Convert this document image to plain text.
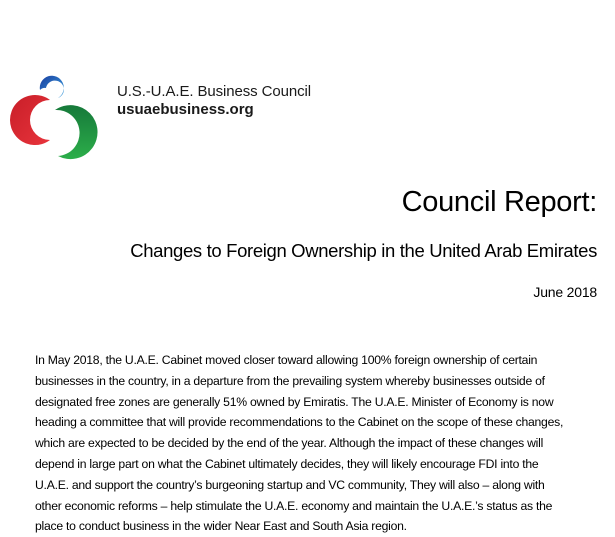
U.S.-U.A.E. Business Council
usuaebusiness.org
Council Report:
Changes to Foreign Ownership in the United Arab Emirates
June 2018
In May 2018, the U.A.E. Cabinet moved closer toward allowing 100% foreign ownership of certain
businesses in the country, in a departure from the prevailing system whereby businesses outside of
designated free zones are generally 51% owned by Emiratis. The U.A.E. Minister of Economy is now
heading a committee that will provide recommendations to the Cabinet on the scope of these changes,
which are expected to be decided by the end of the year. Although the impact of these changes will
depend in large part on what the Cabinet ultimately decides, they will likely encourage FDI into the
U.A.E. and support the country’s burgeoning startup and VC community, They will also – along with
other economic reforms – help stimulate the U.A.E. economy and maintain the U.A.E.’s status as the
place to conduct business in the wider Near East and South Asia region.
